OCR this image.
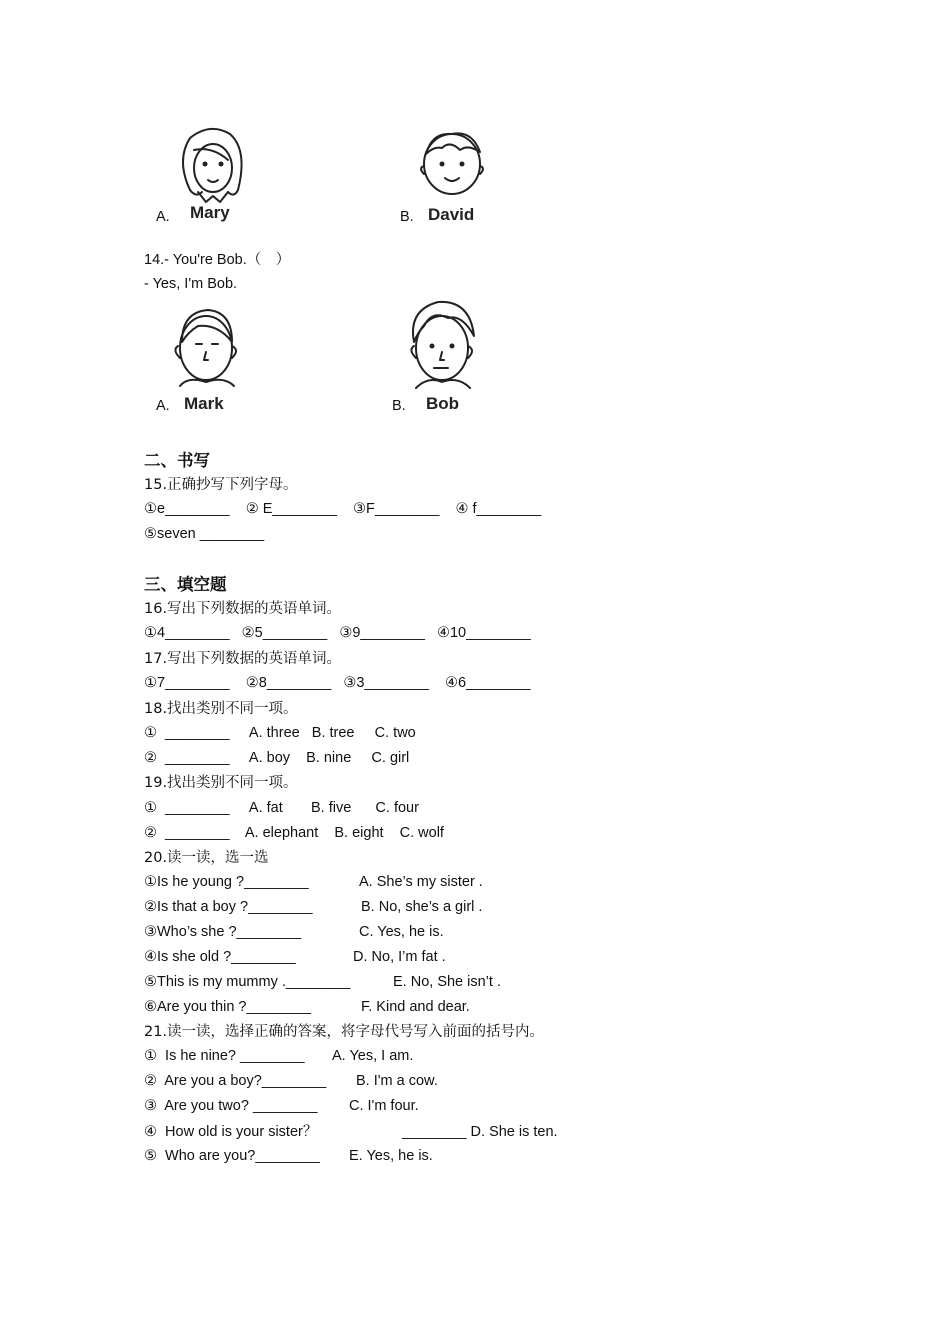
A. Mary	B. David
14.- You're Bob.（　）
- Yes, I'm Bob.
A. Mark	B. Bob
二、书写
15.正确抄写下列字母。
①e________    ② E________    ③F________    ④ f________
⑤seven ________
三、填空题
16.写出下列数据的英语单词。
①4________   ②5________   ③9________   ④10________
17.写出下列数据的英语单词。
①7________    ②8________   ③3________    ④6________
18.找出类别不同一项。
①  ________     A. three   B. tree     C. two
②  ________     A. boy    B. nine     C. girl
19.找出类别不同一项。
①  ________     A. fat       B. five      C. four
②  ________    A. elephant    B. eight    C. wolf
20.读一读，选一选
①Is he young ?________	A. She’s my sister .
②Is that a boy ?________	B. No, she’s a girl .
③Who’s she ?________	C. Yes, he is.
④Is she old ?________	D. No, I’m fat .
⑤This is my mummy .________	E. No, She isn’t .
⑥Are you thin ?________	F. Kind and dear.
21.读一读，选择正确的答案，将字母代号写入前面的括号内。
①  Is he nine? ________ A. Yes, I am.
②  Are you a boy?________ B. I'm a cow.
③  Are you two? ________ C. I'm four.
④  How old is your sister？	________ D. She is ten.
⑤  Who are you?________ E. Yes, he is.
